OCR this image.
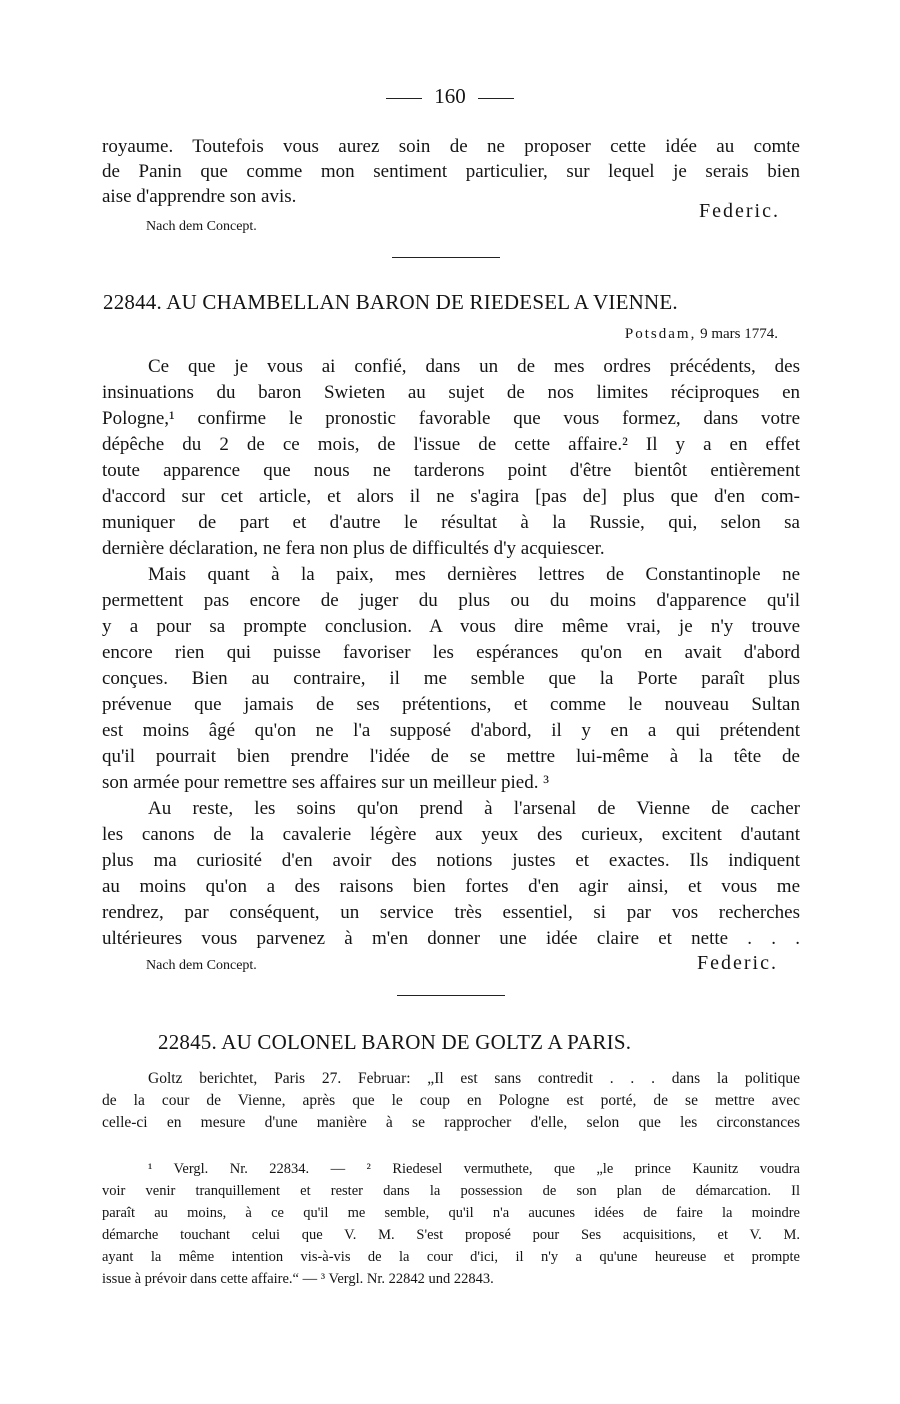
160
royaume. Toutefois vous aurez soin de ne proposer cette idée au comte
de Panin que comme mon sentiment particulier, sur lequel je serais bien
aise d'apprendre son avis.
Federic.
Nach dem Concept.
22844. AU CHAMBELLAN BARON DE RIEDESEL A VIENNE.
Potsdam, 9 mars 1774.
Ce que je vous ai confié, dans un de mes ordres précédents, des
insinuations du baron Swieten au sujet de nos limites réciproques en
Pologne,¹ confirme le pronostic favorable que vous formez, dans votre
dépêche du 2 de ce mois, de l'issue de cette affaire.² Il y a en effet
toute apparence que nous ne tarderons point d'être bientôt entièrement
d'accord sur cet article, et alors il ne s'agira [pas de] plus que d'en com-
muniquer de part et d'autre le résultat à la Russie, qui, selon sa
dernière déclaration, ne fera non plus de difficultés d'y acquiescer.
Mais quant à la paix, mes dernières lettres de Constantinople ne
permettent pas encore de juger du plus ou du moins d'apparence qu'il
y a pour sa prompte conclusion. A vous dire même vrai, je n'y trouve
encore rien qui puisse favoriser les espérances qu'on en avait d'abord
conçues. Bien au contraire, il me semble que la Porte paraît plus
prévenue que jamais de ses prétentions, et comme le nouveau Sultan
est moins âgé qu'on ne l'a supposé d'abord, il y en a qui prétendent
qu'il pourrait bien prendre l'idée de se mettre lui-même à la tête de
son armée pour remettre ses affaires sur un meilleur pied. ³
Au reste, les soins qu'on prend à l'arsenal de Vienne de cacher
les canons de la cavalerie légère aux yeux des curieux, excitent d'autant
plus ma curiosité d'en avoir des notions justes et exactes. Ils indiquent
au moins qu'on a des raisons bien fortes d'en agir ainsi, et vous me
rendrez, par conséquent, un service très essentiel, si par vos recherches
ultérieures vous parvenez à m'en donner une idée claire et nette . . .
Nach dem Concept.	Federic.
22845. AU COLONEL BARON DE GOLTZ A PARIS.
Goltz berichtet, Paris 27. Februar: „Il est sans contredit . . . dans la politique
de la cour de Vienne, après que le coup en Pologne est porté, de se mettre avec
celle-ci en mesure d'une manière à se rapprocher d'elle, selon que les circonstances
¹ Vergl. Nr. 22834. — ² Riedesel vermuthete, que „le prince Kaunitz voudra
voir venir tranquillement et rester dans la possession de son plan de démarcation. Il
paraît au moins, à ce qu'il me semble, qu'il n'a aucunes idées de faire la moindre
démarche touchant celui que V. M. S'est proposé pour Ses acquisitions, et V. M.
ayant la même intention vis-à-vis de la cour d'ici, il n'y a qu'une heureuse et prompte
issue à prévoir dans cette affaire.“ — ³ Vergl. Nr. 22842 und 22843.
